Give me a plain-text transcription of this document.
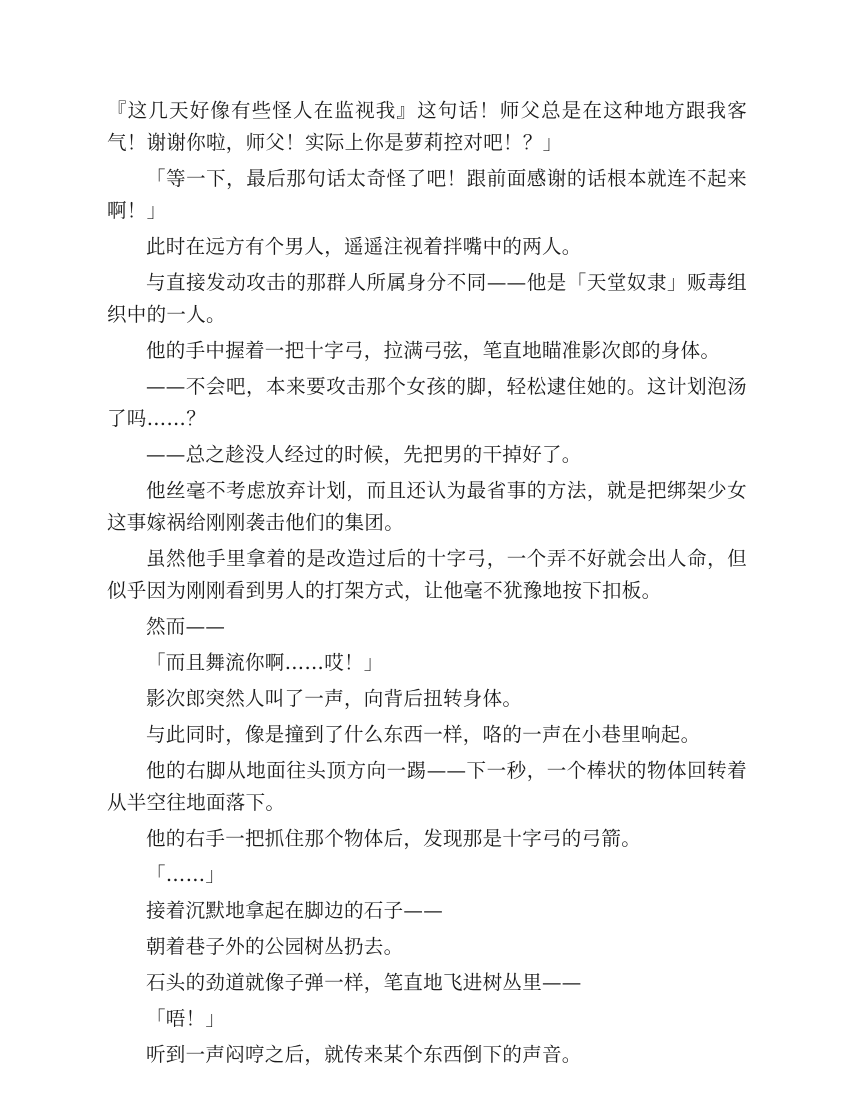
『这几天好像有些怪人在监视我』这句话！师父总是在这种地方跟我客气！谢谢你啦，师父！实际上你是萝莉控对吧！？」

「等一下，最后那句话太奇怪了吧！跟前面感谢的话根本就连不起来啊！」

此时在远方有个男人，遥遥注视着拌嘴中的两人。

与直接发动攻击的那群人所属身分不同——他是「天堂奴隶」贩毒组织中的一人。

他的手中握着一把十字弓，拉满弓弦，笔直地瞄准影次郎的身体。

——不会吧，本来要攻击那个女孩的脚，轻松逮住她的。这计划泡汤了吗……？

——总之趁没人经过的时候，先把男的干掉好了。

他丝毫不考虑放弃计划，而且还认为最省事的方法，就是把绑架少女这事嫁祸给刚刚袭击他们的集团。

虽然他手里拿着的是改造过后的十字弓，一个弄不好就会出人命，但似乎因为刚刚看到男人的打架方式，让他毫不犹豫地按下扣板。

然而——

「而且舞流你啊……哎！」

影次郎突然人叫了一声，向背后扭转身体。

与此同时，像是撞到了什么东西一样，咯的一声在小巷里响起。

他的右脚从地面往头顶方向一踢——下一秒，一个棒状的物体回转着从半空往地面落下。

他的右手一把抓住那个物体后，发现那是十字弓的弓箭。

「……」

接着沉默地拿起在脚边的石子——

朝着巷子外的公园树丛扔去。

石头的劲道就像子弹一样，笔直地飞进树丛里——

「唔！」

听到一声闷哼之后，就传来某个东西倒下的声音。
